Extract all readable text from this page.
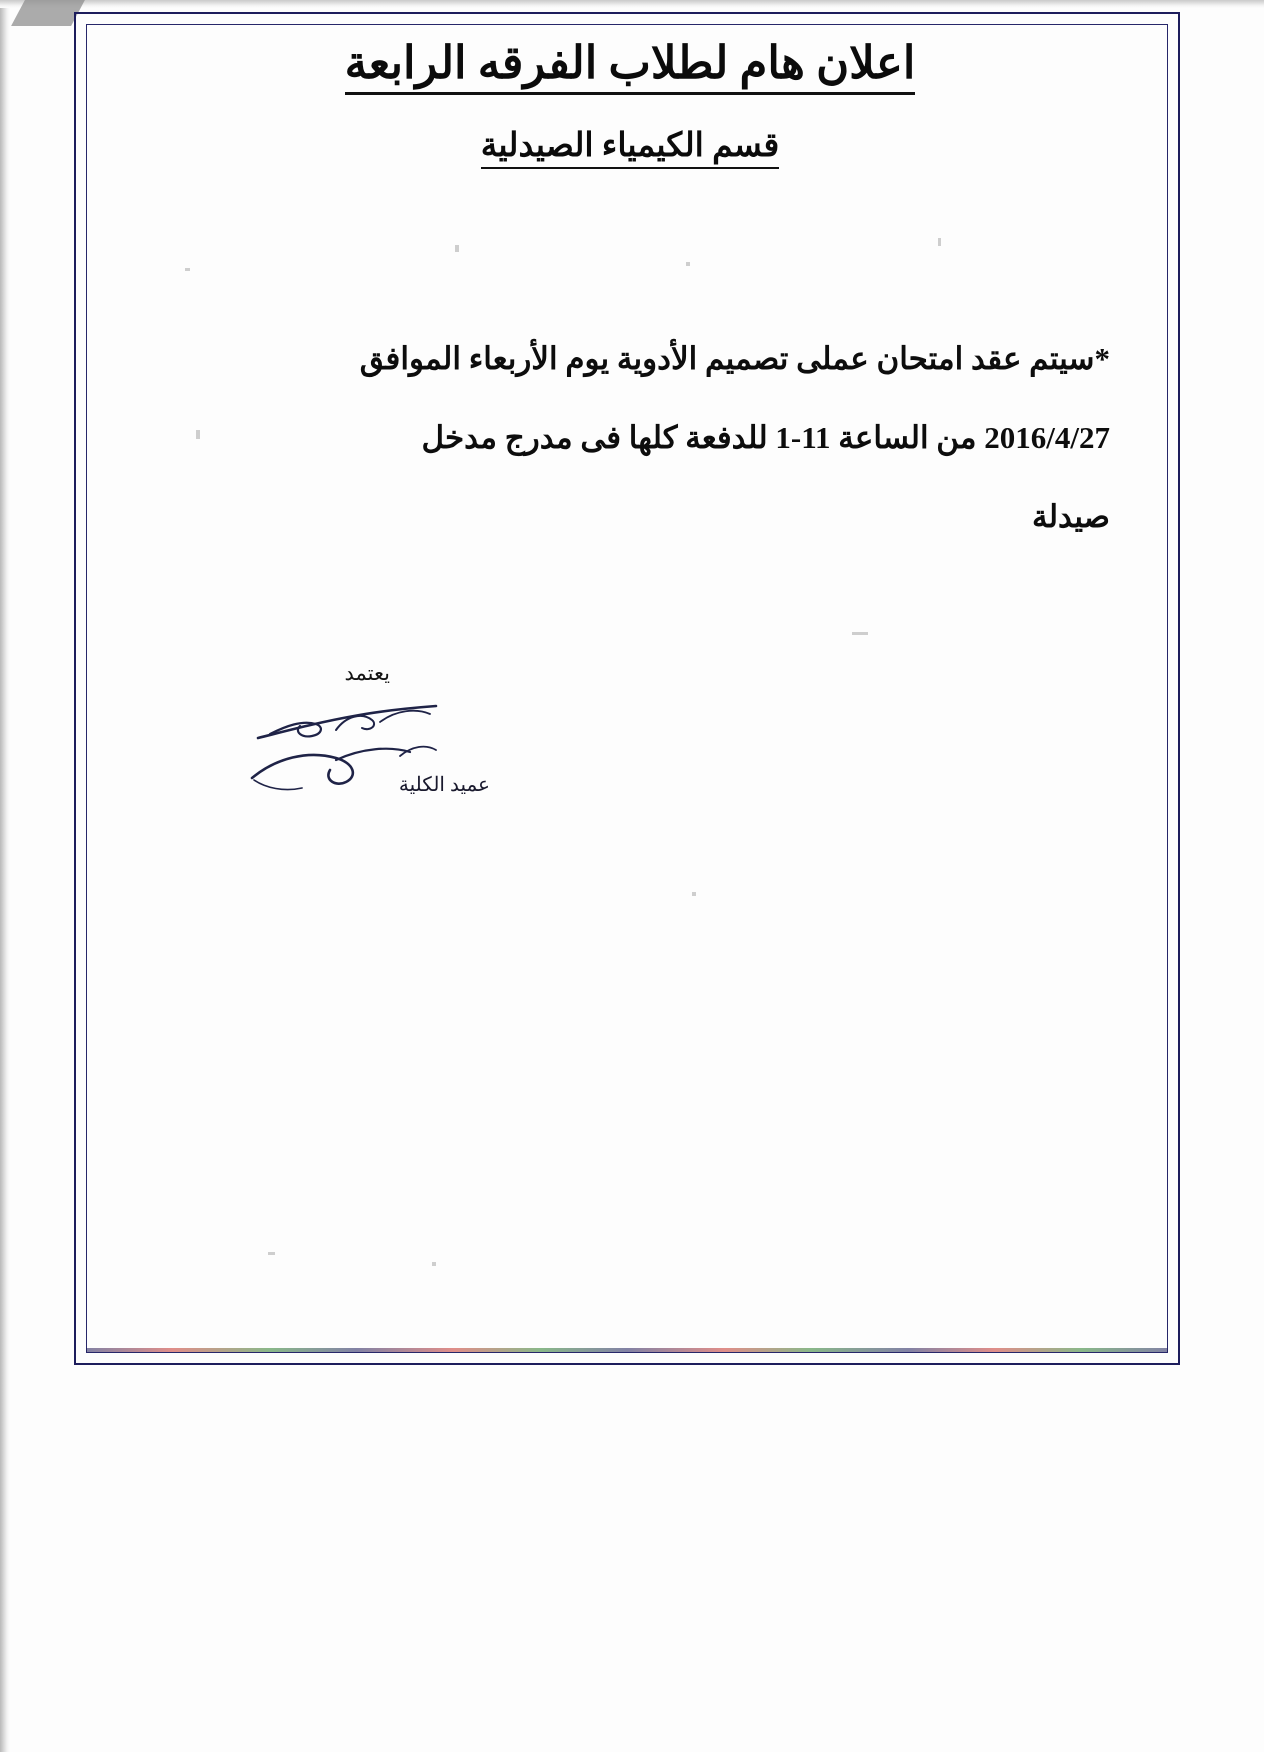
اعلان هام لطلاب الفرقه الرابعة
قسم الكيمياء الصيدلية
*سيتم عقد امتحان عملى تصميم الأدوية يوم الأربعاء الموافق
2016/4/27 من الساعة 11-1 للدفعة كلها فى مدرج مدخل
صيدلة
يعتمد
عميد الكلية
